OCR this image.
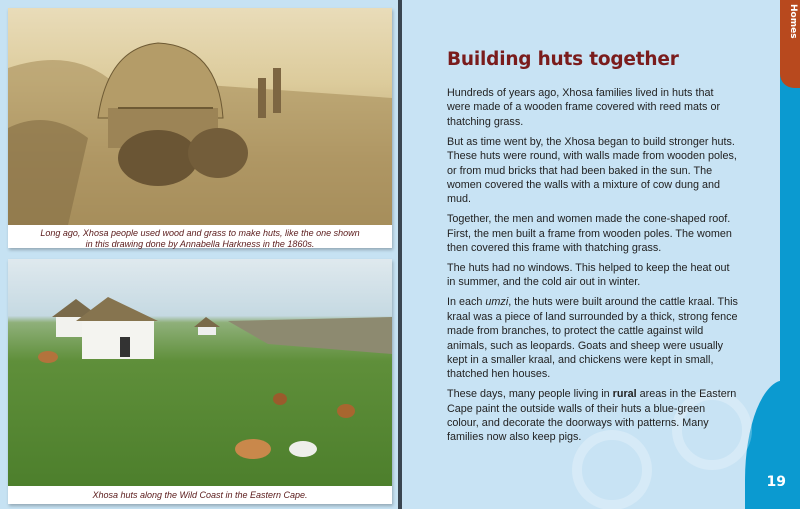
Long ago, Xhosa people used wood and grass to make huts, like the one shown
in this drawing done by Annabella Harkness in the 1860s.
Xhosa huts along the Wild Coast in the Eastern Cape.
Building huts together

Hundreds of years ago, Xhosa families lived in huts that were made of a wooden frame covered with reed mats or thatching grass.

But as time went by, the Xhosa began to build stronger huts. These huts were round, with walls made from wooden poles, or from mud bricks that had been baked in the sun. The women covered the walls with a mixture of cow dung and mud.

Together, the men and women made the cone-shaped roof. First, the men built a frame from wooden poles. The women then covered this frame with thatching grass.

The huts had no windows. This helped to keep the heat out in summer, and the cold air out in winter.

In each umzi, the huts were built around the cattle kraal. This kraal was a piece of land surrounded by a thick, strong fence made from branches, to protect the cattle against wild animals, such as leopards. Goats and sheep were usually kept in a smaller kraal, and chickens were kept in small, thatched hen houses.

These days, many people living in rural areas in the Eastern Cape paint the outside walls of their huts a blue-green colour, and decorate the doorways with patterns. Many families now also keep pigs.

Homes
19
